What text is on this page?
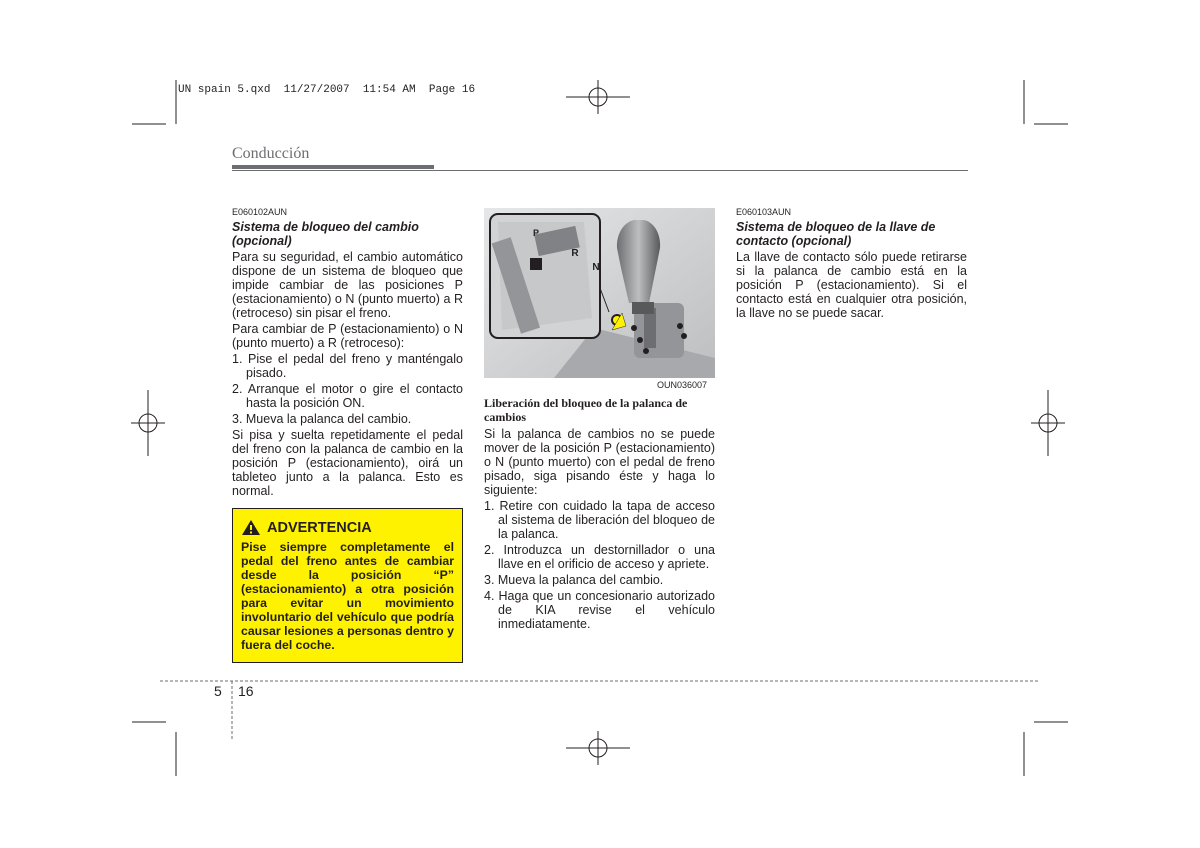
UN spain 5.qxd  11/27/2007  11:54 AM  Page 16
Conducción
E060102AUN
Sistema de bloqueo del cambio (opcional)

Para su seguridad, el cambio automático dispone de un sistema de bloqueo que impide cambiar de las posiciones P (estacionamiento) o N (punto muerto) a R (retroceso) sin pisar el freno.

Para cambiar de P (estacionamiento) o N (punto muerto) a R (retroceso):

1. Pise el pedal del freno y manténgalo pisado.
2. Arranque el motor o gire el contacto hasta la posición ON.
3. Mueva la palanca del cambio.

Si pisa y suelta repetidamente el pedal del freno con la palanca de cambio en la posición P (estacionamiento), oirá un tableteo junto a la palanca. Esto es normal.

ADVERTENCIA
Pise siempre completamente el pedal del freno antes de cambiar desde la posición “P” (estacionamiento) a otra posición para evitar un movimiento involuntario del vehículo que podría causar lesiones a personas dentro y fuera del coche.
P
R
N
OUN036007
Liberación del bloqueo de la palanca de cambios

Si la palanca de cambios no se puede mover de la posición P (estacionamiento) o N (punto muerto) con el pedal de freno pisado, siga pisando éste y haga lo siguiente:

1. Retire con cuidado la tapa de acceso al sistema de liberación del bloqueo de la palanca.
2. Introduzca un destornillador o una llave en el orificio de acceso y apriete.
3. Mueva la palanca del cambio.
4. Haga que un concesionario autorizado de KIA revise el vehículo inmediatamente.
E060103AUN
Sistema de bloqueo de la llave de contacto (opcional)

La llave de contacto sólo puede retirarse si la palanca de cambio está en la posición P (estacionamiento). Si el contacto está en cualquier otra posición, la llave no se puede sacar.

5 16
